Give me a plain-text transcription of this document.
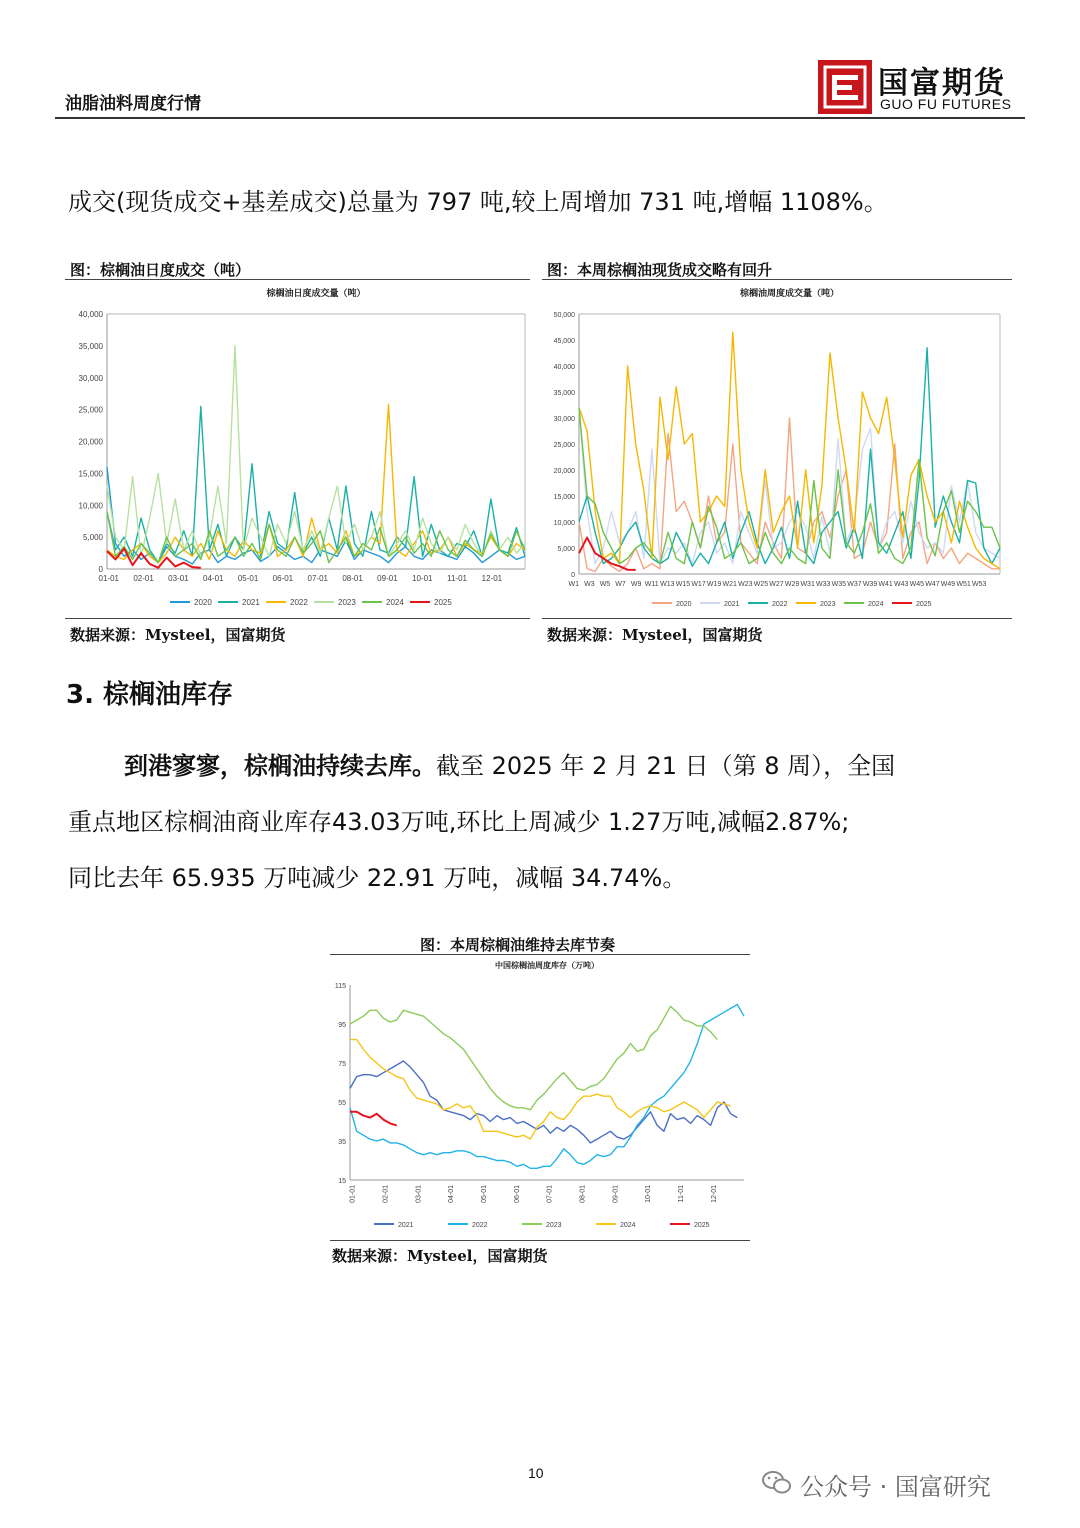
油脂油料周度行情
国富期货
GUO FU FUTURES
成交(现货成交+基差成交)总量为 797 吨,较上周增加 731 吨,增幅 1108%。
图：棕榈油日度成交（吨）
棕榈油日度成交量（吨）
0
5,000
10,000
15,000
20,000
25,000
30,000
35,000
40,000
01-01 02-01 03-01 04-01 05-01 06-01 07-01 08-01 09-01 10-01 11-01 12-01
2020	2021	2022	2023	2024	2025
数据来源：Mysteel，国富期货
图：本周棕榈油现货成交略有回升
棕榈油周度成交量（吨）
0
5,000
10,000
15,000
20,000
25,000
30,000
35,000
40,000
45,000
50,000
W1 W3 W5 W7 W9 W11 W13 W15 W17 W19 W21 W23 W25 W27 W29 W31 W33 W35 W37 W39 W41 W43 W45 W47 W49 W51 W53
2020	2021	2022	2023	2024	2025
数据来源：Mysteel，国富期货
3. 棕榈油库存
到港寥寥，棕榈油持续去库。截至 2025 年 2 月 21 日（第 8 周），全国
重点地区棕榈油商业库存43.03万吨,环比上周减少 1.27万吨,减幅2.87%;
同比去年 65.935 万吨减少 22.91 万吨，减幅 34.74%。
图：本周棕榈油维持去库节奏
中国棕榈油周度库存（万吨）
15
35
55
75
95
115
01-01	02-01	03-01	04-01	05-01	06-01	07-01	08-01	09-01	10-01	11-01	12-01
2021	2022	2023	2024	2025
数据来源：Mysteel，国富期货
10	公众号 · 国富研究
